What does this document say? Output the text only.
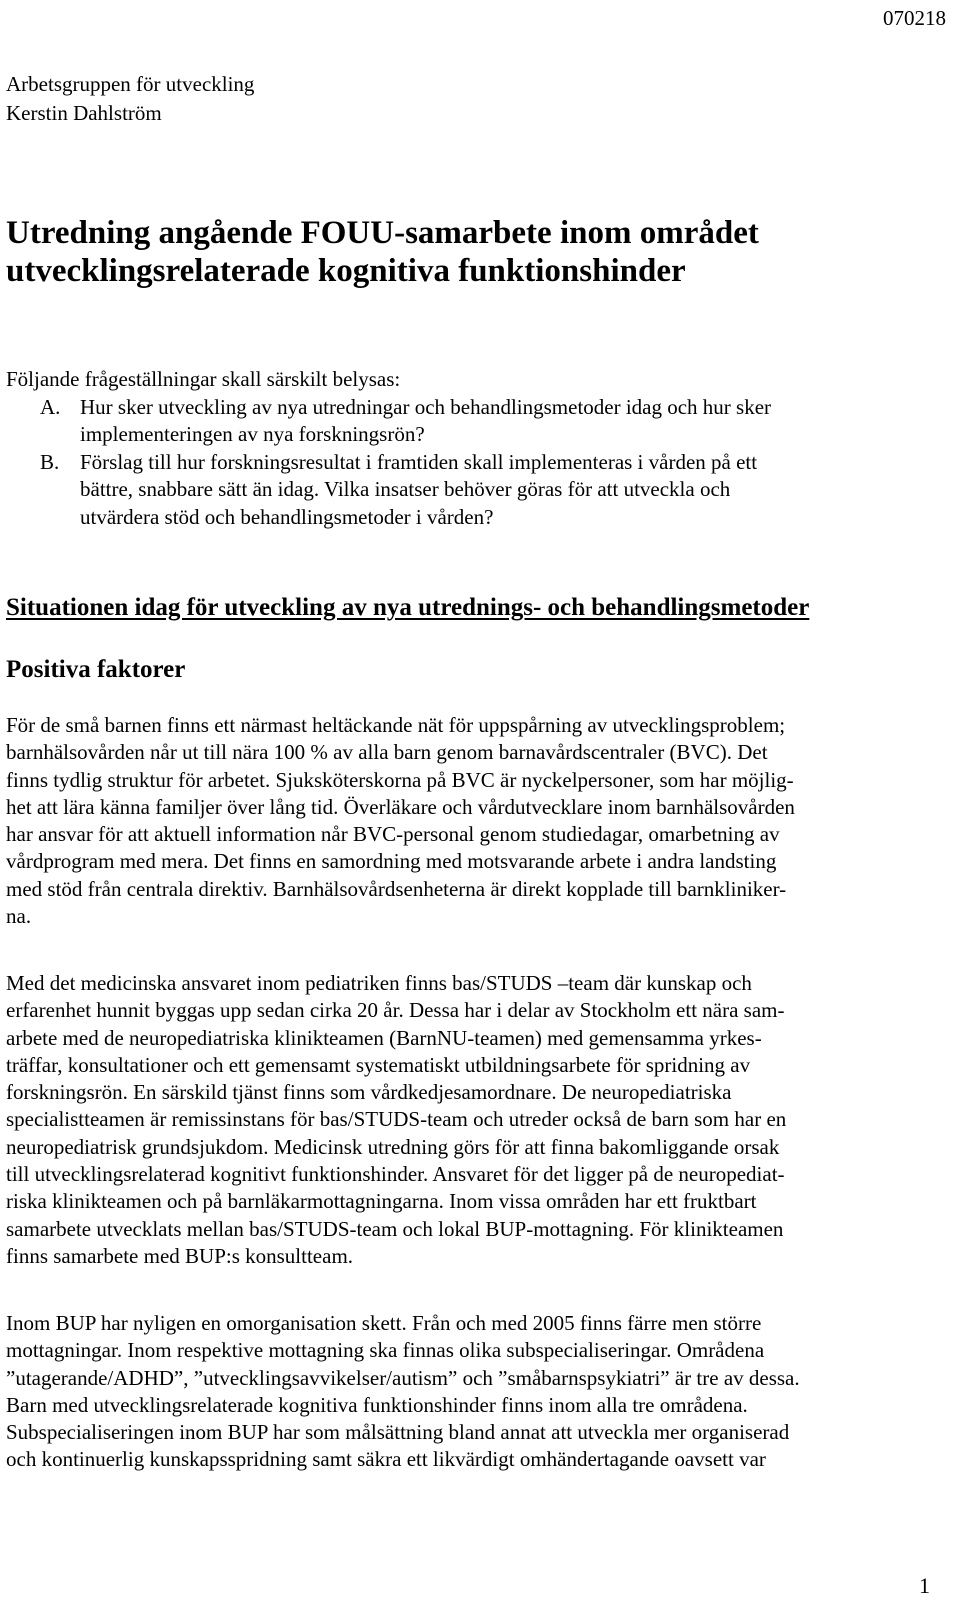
070218
Arbetsgruppen för utveckling
Kerstin Dahlström
Utredning angående FOUU-samarbete inom området
utvecklingsrelaterade kognitiva funktionshinder
Följande frågeställningar skall särskilt belysas:
A. Hur sker utveckling av nya utredningar och behandlingsmetoder idag och hur sker
implementeringen av nya forskningsrön?
B. Förslag till hur forskningsresultat i framtiden skall implementeras i vården på ett
bättre, snabbare sätt än idag. Vilka insatser behöver göras för att utveckla och
utvärdera stöd och behandlingsmetoder i vården?
Situationen idag för utveckling av nya utrednings- och behandlingsmetoder
Positiva faktorer
För de små barnen finns ett närmast heltäckande nät för uppspårning av utvecklingsproblem;
barnhälsovården når ut till nära 100 % av alla barn genom barnavårdscentraler (BVC). Det
finns tydlig struktur för arbetet. Sjuksköterskorna på BVC är nyckelpersoner, som har möjlig-
het att lära känna familjer över lång tid. Överläkare och vårdutvecklare inom barnhälsovården
har ansvar för att aktuell information når BVC-personal genom studiedagar, omarbetning av
vårdprogram med mera. Det finns en samordning med motsvarande arbete i andra landsting
med stöd från centrala direktiv. Barnhälsovårdsenheterna är direkt kopplade till barnkliniker-
na.
Med det medicinska ansvaret inom pediatriken finns bas/STUDS –team där kunskap och
erfarenhet hunnit byggas upp sedan cirka 20 år. Dessa har i delar av Stockholm ett nära sam-
arbete med de neuropediatriska klinikteamen (BarnNU-teamen) med gemensamma yrkes-
träffar, konsultationer och ett gemensamt systematiskt utbildningsarbete för spridning av
forskningsrön. En särskild tjänst finns som vårdkedjesamordnare. De neuropediatriska
specialistteamen är remissinstans för bas/STUDS-team och utreder också de barn som har en
neuropediatrisk grundsjukdom. Medicinsk utredning görs för att finna bakomliggande orsak
till utvecklingsrelaterad kognitivt funktionshinder. Ansvaret för det ligger på de neuropediat-
riska klinikteamen och på barnläkarmottagningarna. Inom vissa områden har ett fruktbart
samarbete utvecklats mellan bas/STUDS-team och lokal BUP-mottagning. För klinikteamen
finns samarbete med BUP:s konsultteam.
Inom BUP har nyligen en omorganisation skett. Från och med 2005 finns färre men större
mottagningar. Inom respektive mottagning ska finnas olika subspecialiseringar. Områdena
”utagerande/ADHD”, ”utvecklingsavvikelser/autism” och ”småbarnspsykiatri” är tre av dessa.
Barn med utvecklingsrelaterade kognitiva funktionshinder finns inom alla tre områdena.
Subspecialiseringen inom BUP har som målsättning bland annat att utveckla mer organiserad
och kontinuerlig kunskapsspridning samt säkra ett likvärdigt omhändertagande oavsett var
1
